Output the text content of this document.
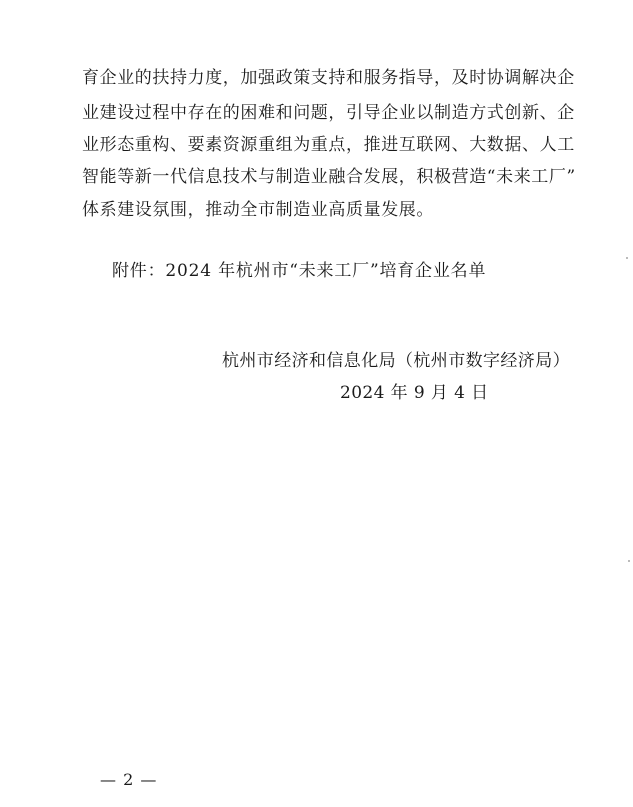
育企业的扶持力度，加强政策支持和服务指导，及时协调解决企
业建设过程中存在的困难和问题，引导企业以制造方式创新、企
业形态重构、要素资源重组为重点，推进互联网、大数据、人工
智能等新一代信息技术与制造业融合发展，积极营造“未来工厂”
体系建设氛围，推动全市制造业高质量发展。
附件：2024 年杭州市“未来工厂”培育企业名单
杭州市经济和信息化局（杭州市数字经济局）
2024 年 9 月 4 日
— 2 —
